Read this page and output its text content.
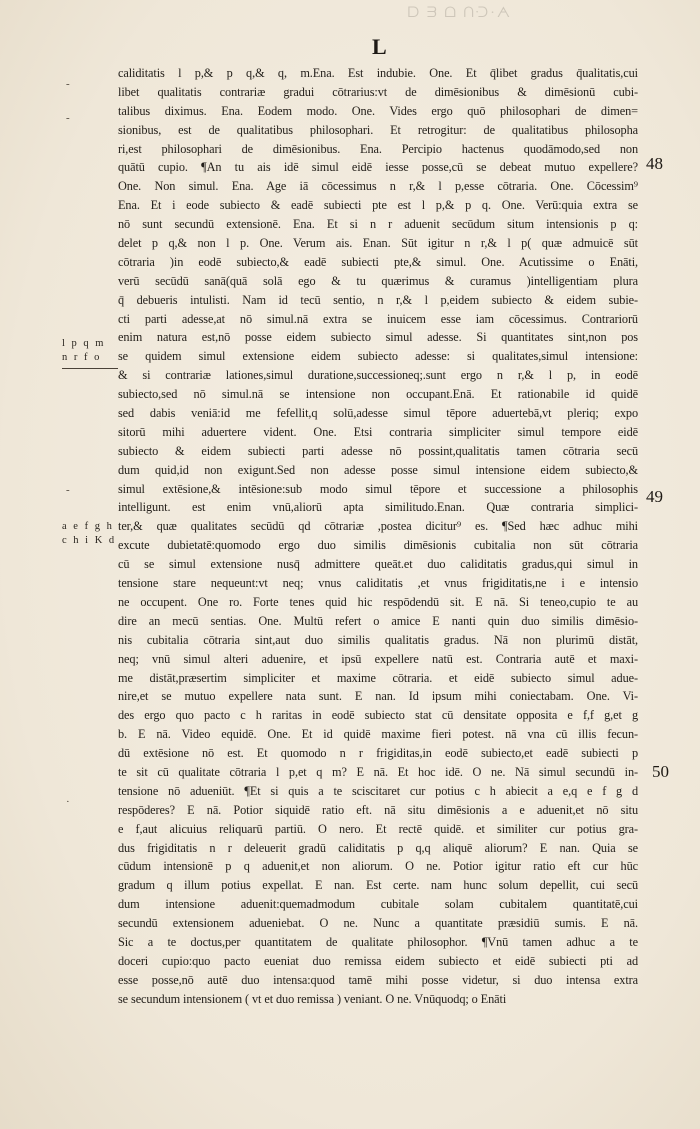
ᗅ·ᑢᑎ ᗝ ᗴ ᗡ
L
l p q m
n r f o
a e f g h
c h i K d
-
-
-
·
48
49
50
caliditatis l p,& p q,& q, m.Ena. Est indubie. One. Et q̄libet gradus q̄ualitatis,cui
libet qualitatis contrariæ gradui cōtrarius:vt de dimēsionibus & dimēsionū cubi-
talibus diximus. Ena. Eodem modo. One. Vides ergo quō philosophari de dimen=
sionibus, est de qualitatibus philosophari. Et retrogitur: de qualitatibus philosopha
ri,est philosophari de dimēsionibus. Ena. Percipio hactenus quodāmodo,sed non
quātū cupio. ¶An tu ais idē simul eidē iesse posse,cū se debeat mutuo expellere?
One. Non simul. Ena. Age iā cōcessimus n r,& l p,esse cōtraria. One. Cōcessim⁹
Ena. Et i eode subiecto & eadē subiecti pte est l p,& p q. One. Verū:quia extra se
nō sunt secundū extensionē. Ena. Et si n r aduenit secūdum situm intensionis p q:
delet p q,& non l p. One. Verum ais. Enan. Sūt igitur n r,& l p( quæ admuicē sūt
cōtraria )in eodē subiecto,& eadē subiecti pte,& simul. One. Acutissime o Enāti,
verū secūdū sanā(quā solā ego & tu quærimus & curamus )intelligentiam plura
q̄ debueris intulisti. Nam id tecū sentio, n r,& l p,eidem subiecto & eidem subie-
cti parti adesse,at nō simul.nā extra se inuicem esse iam cōcessimus. Contrariorū
enim natura est,nō posse eidem subiecto simul adesse. Si quantitates sint,non pos
se quidem simul extensione eidem subiecto adesse: si qualitates,simul intensione:
& si contrariæ lationes,simul duratione,successioneq;.sunt ergo n r,& l p, in eodē
subiecto,sed nō simul.nā se intensione non occupant.Enā. Et rationabile id quidē
sed dabis veniā:id me fefellit,q solū,adesse simul tēpore aduertebā,vt pleriq; expo
sitorū mihi aduertere vident. One. Etsi contraria simpliciter simul tempore eidē
subiecto & eidem subiecti parti adesse nō possint,qualitatis tamen cōtraria secū
dum quid,id non exigunt.Sed non adesse posse simul intensione eidem subiecto,&
simul extēsione,& intēsione:sub modo simul tēpore et successione a philosophis
intelligunt. est enim vnū,aliorū apta similitudo.Enan. Quæ contraria simplici-
ter,& quæ qualitates secūdū qd cōtrariæ ,postea dicitur⁹ es. ¶Sed hæc adhuc mihi
excute dubietatē:quomodo ergo duo similis dimēsionis cubitalia non sūt cōtraria
cū se simul extensione nusq̄ admittere queāt.et duo caliditatis gradus,qui simul in
tensione stare nequeunt:vt neq; vnus caliditatis ,et vnus frigiditatis,ne i e intensio
ne occupent. One ro. Forte tenes quid hic respōdendū sit. E nā. Si teneo,cupio te au
dire an mecū sentias. One. Multū refert o amice E nanti quin duo similis dimēsio-
nis cubitalia cōtraria sint,aut duo similis qualitatis gradus. Nā non plurimū distāt,
neq; vnū simul alteri aduenire, et ipsū expellere natū est. Contraria autē et maxi-
me distāt,præsertim simpliciter et maxime cōtraria. et eidē subiecto simul adue-
nire,et se mutuo expellere nata sunt. E nan. Id ipsum mihi coniectabam. One. Vi-
des ergo quo pacto c h raritas in eodē subiecto stat cū densitate opposita e f,f g,et g
b. E nā. Video equidē. One. Et id quidē maxime fieri potest. nā vna cū illis fecun-
dū extēsione nō est. Et quomodo n r frigiditas,in eodē subiecto,et eadē subiecti p
te sit cū qualitate cōtraria l p,et q m? E nā. Et hoc idē. O ne. Nā simul secundū in-
tensione nō adueniūt. ¶Et si quis a te sciscitaret cur potius c h abiecit a e,q e f g d
respōderes? E nā. Potior siquidē ratio eft. nā situ dimēsionis a e aduenit,et nō situ
e f,aut alicuius reliquarū partiū. O nero. Et rectē quidē. et similiter cur potius gra-
dus frigiditatis n r deleuerit gradū caliditatis p q,q aliquē aliorum? E nan. Quia se
cūdum intensionē p q aduenit,et non aliorum. O ne. Potior igitur ratio eft cur hūc
gradum q illum potius expellat. E nan. Est certe. nam hunc solum depellit, cui secū
dum intensione aduenit:quemadmodum cubitale solam cubitalem quantitatē,cui
secundū extensionem adueniebat. O ne. Nunc a quantitate præsidiū sumis. E nā.
Sic a te doctus,per quantitatem de qualitate philosophor. ¶Vnū tamen adhuc a te
doceri cupio:quo pacto eueniat duo remissa eidem subiecto et eidē subiecti pti ad
esse posse,nō autē duo intensa:quod tamē mihi posse videtur, si duo intensa extra
se secundum intensionem ( vt et duo remissa ) veniant. O ne. Vnūquodq; o Enāti
